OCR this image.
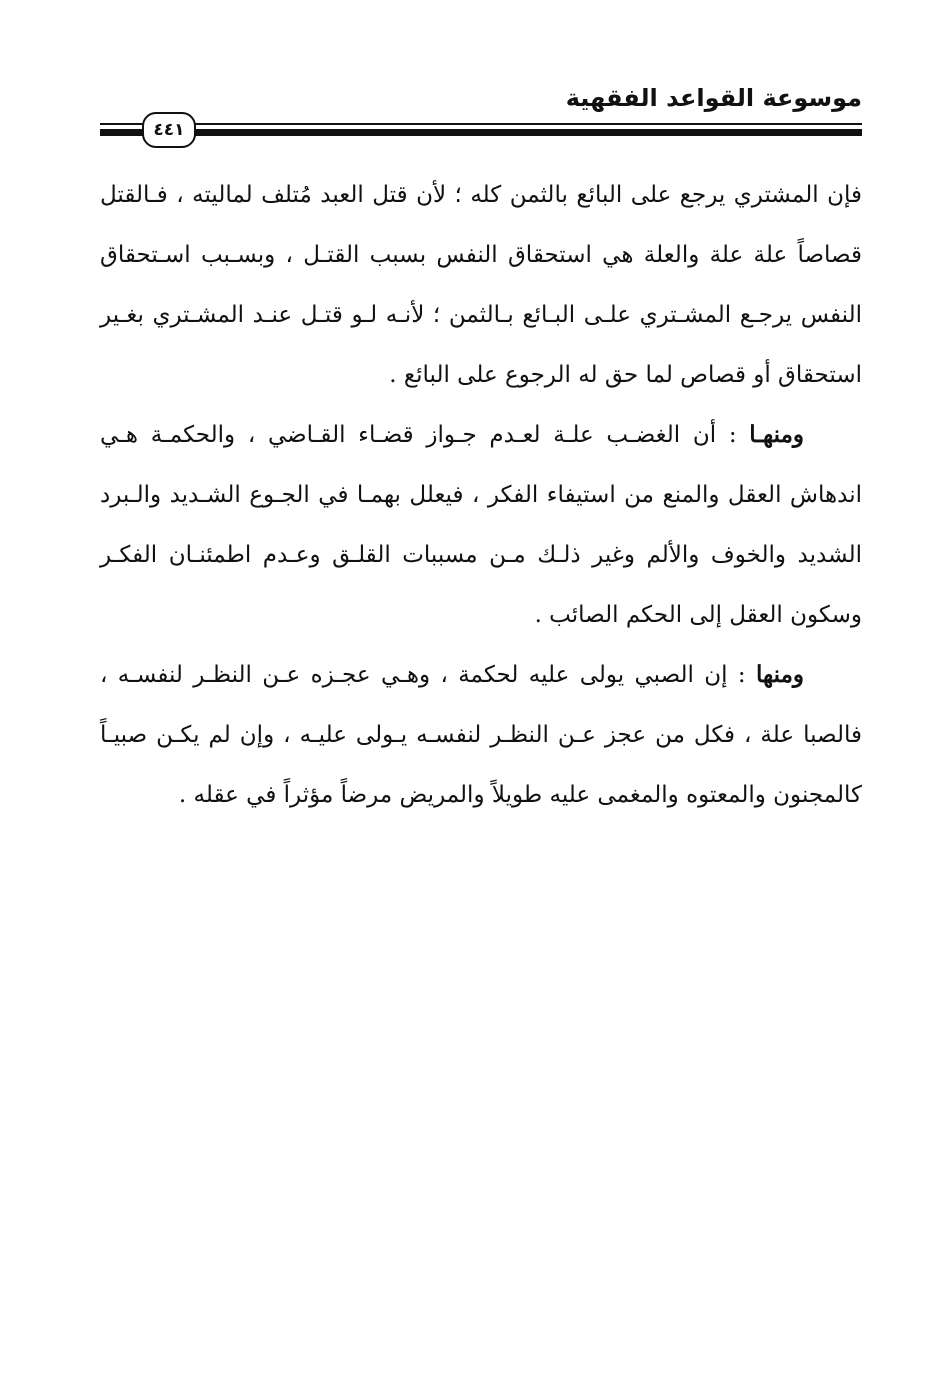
موسوعة القواعد الفقهية
٤٤١

فإن المشتري يرجع على البائع بالثمن كله ؛ لأن قتل العبد مُتلف لماليته ، فـالقتل قصاصاً علة علة والعلة هي استحقاق النفس بسبب القتـل ، وبسـبب اسـتحقاق النفس يرجـع المشـتري علـى البـائع بـالثمن ؛ لأنـه لـو قتـل عنـد المشـتري بغـير استحقاق أو قصاص لما حق له الرجوع على البائع .

ومنهـا : أن الغضـب علـة لعـدم جـواز قضـاء القـاضي ، والحكمـة هـي اندهاش العقل والمنع من استيفاء الفكر ، فيعلل بهمـا في الجـوع الشـديد والـبرد الشديد والخوف والألم وغير ذلـك مـن مسببات القلـق وعـدم اطمئنـان الفكـر وسكون العقل إلى الحكم الصائب .

ومنها : إن الصبي يولى عليه لحكمة ، وهـي عجـزه عـن النظـر لنفسـه ، فالصبا علة ، فكل من عجز عـن النظـر لنفسـه يـولى عليـه ، وإن لم يكـن صبيـاً كالمجنون والمعتوه والمغمى عليه طويلاً والمريض مرضاً مؤثراً في عقله .
